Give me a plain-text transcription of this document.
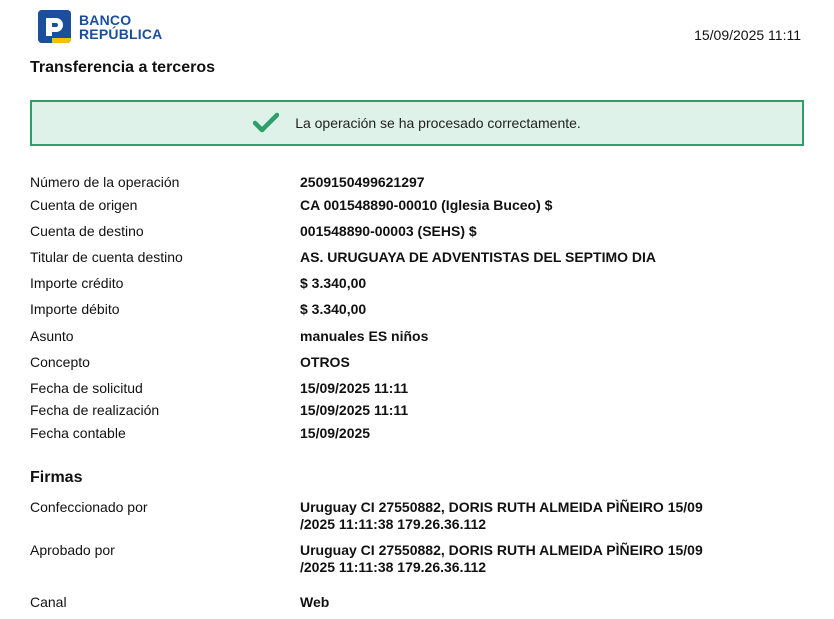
BANCO
REPÚBLICA	15/09/2025 11:11
Transferencia a terceros
La operación se ha procesado correctamente.
Número de la operación	2509150499621297
Cuenta de origen	CA 001548890-00010 (Iglesia Buceo) $
Cuenta de destino	001548890-00003 (SEHS) $
Titular de cuenta destino	AS. URUGUAYA DE ADVENTISTAS DEL SEPTIMO DIA
Importe crédito	$ 3.340,00
Importe débito	$ 3.340,00
Asunto	manuales ES niños
Concepto	OTROS
Fecha de solicitud	15/09/2025 11:11
Fecha de realización	15/09/2025 11:11
Fecha contable	15/09/2025
Firmas
Confeccionado por	Uruguay CI 27550882, DORIS RUTH ALMEIDA PÌÑEIRO 15/09
/2025 11:11:38 179.26.36.112
Aprobado por	Uruguay CI 27550882, DORIS RUTH ALMEIDA PÌÑEIRO 15/09
/2025 11:11:38 179.26.36.112
Canal	Web
